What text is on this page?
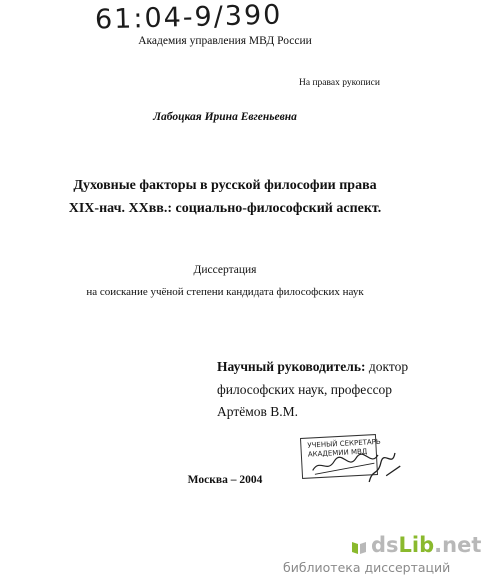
61:04-9/390
Академия управления МВД России
На правах рукописи
Лабоцкая Ирина Евгеньевна
Духовные факторы в русской философии права
XIX-нач. XXвв.: социально-философский аспект.
Диссертация
на соискание учёной степени кандидата философских наук
Научный руководитель: доктор
философских наук, профессор
Артёмов В.М.
УЧЕНЫЙ СЕКРЕТАРЬ
АКАДЕМИИ МВД
Москва – 2004
dsLib.net
библиотека диссертаций
